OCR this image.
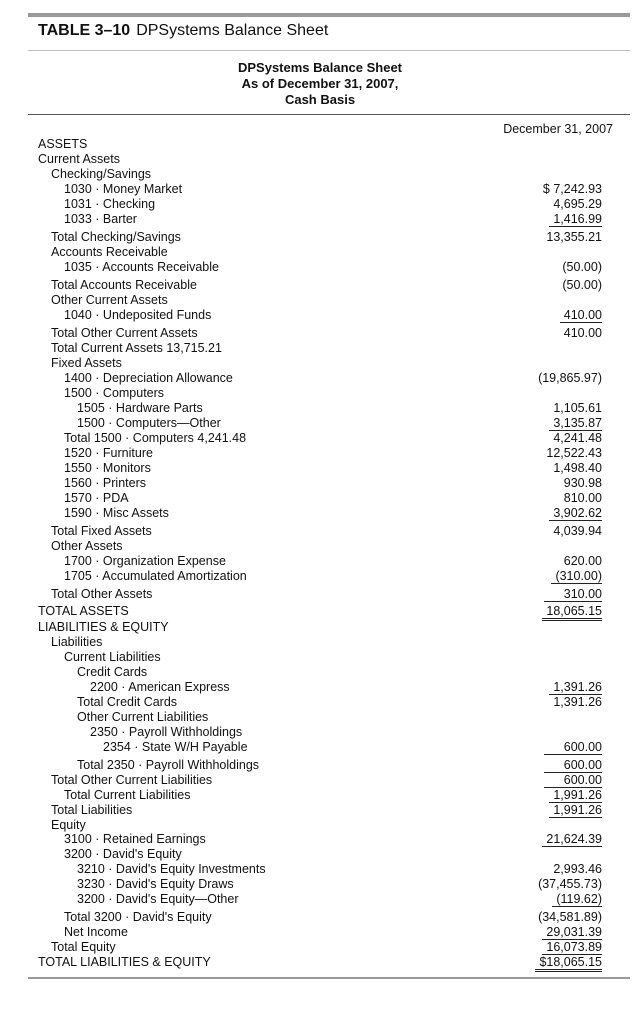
TABLE 3–10 DPSystems Balance Sheet
DPSystems Balance Sheet
As of December 31, 2007,
Cash Basis
December 31, 2007
ASSETS
Current Assets
Checking/Savings
1030 · Money Market	$ 7,242.93
1031 · Checking	4,695.29
1033 · Barter	1,416.99
Total Checking/Savings	13,355.21
Accounts Receivable
1035 · Accounts Receivable	(50.00)
Total Accounts Receivable	(50.00)
Other Current Assets
1040 · Undeposited Funds	410.00
Total Other Current Assets	410.00
Total Current Assets 13,715.21
Fixed Assets
1400 · Depreciation Allowance	(19,865.97)
1500 · Computers
1505 · Hardware Parts	1,105.61
1500 · Computers—Other	3,135.87
Total 1500 · Computers 4,241.48	4,241.48
1520 · Furniture	12,522.43
1550 · Monitors	1,498.40
1560 · Printers	930.98
1570 · PDA	810.00
1590 · Misc Assets	3,902.62
Total Fixed Assets	4,039.94
Other Assets
1700 · Organization Expense	620.00
1705 · Accumulated Amortization	(310.00)
Total Other Assets	310.00
TOTAL ASSETS	18,065.15
LIABILITIES & EQUITY
Liabilities
Current Liabilities
Credit Cards
2200 · American Express	1,391.26
Total Credit Cards	1,391.26
Other Current Liabilities
2350 · Payroll Withholdings
2354 · State W/H Payable	600.00
Total 2350 · Payroll Withholdings	600.00
Total Other Current Liabilities	600.00
Total Current Liabilities	1,991.26
Total Liabilities	1,991.26
Equity
3100 · Retained Earnings	21,624.39
3200 · David's Equity
3210 · David's Equity Investments	2,993.46
3230 · David's Equity Draws	(37,455.73)
3200 · David's Equity—Other	(119.62)
Total 3200 · David's Equity	(34,581.89)
Net Income	29,031.39
Total Equity	16,073.89
TOTAL LIABILITIES & EQUITY	$18,065.15
